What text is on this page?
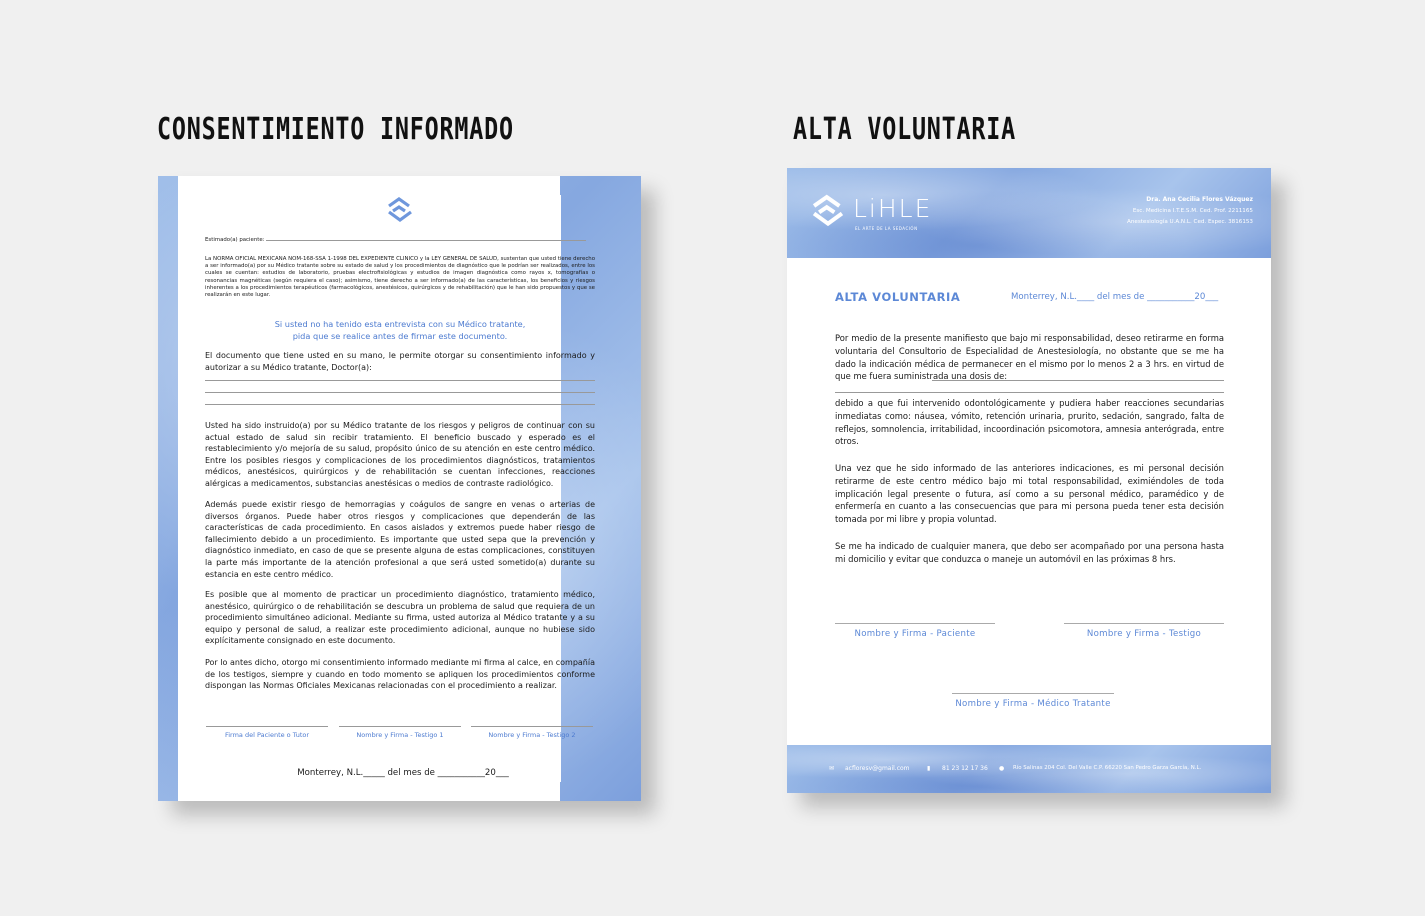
CONSENTIMIENTO INFORMADO	ALTA VOLUNTARIA
Estimado(a) paciente:
La NORMA OFICIAL MEXICANA NOM-168-SSA 1-1998 DEL EXPEDIENTE CLINICO y la LEY GENERAL DE SALUD, sustentan que usted tiene derecho a ser informado(a) por su Médico tratante sobre su estado de salud y los procedimientos de diagnóstico que le podrían ser realizados, entre los cuales se cuentan: estudios de laboratorio, pruebas electrofisiológicas y estudios de imagen diagnóstica como rayos x, tomografías o resonancias magnéticas (según requiera el caso); asimismo, tiene derecho a ser informado(a) de las características, los beneficios y riesgos inherentes a los procedimientos terapéuticos (farmacológicos, anestésicos, quirúrgicos y de rehabilitación) que le han sido propuestos y que se realizarán en este lugar.
Si usted no ha tenido esta entrevista con su Médico tratante,
pida que se realice antes de firmar este documento.
El documento que tiene usted en su mano, le permite otorgar su consentimiento informado y autorizar a su Médico tratante, Doctor(a):
Usted ha sido instruido(a) por su Médico tratante de los riesgos y peligros de continuar con su actual estado de salud sin recibir tratamiento. El beneficio buscado y esperado es el restablecimiento y/o mejoría de su salud, propósito único de su atención en este centro médico. Entre los posibles riesgos y complicaciones de los procedimientos diagnósticos, tratamientos médicos, anestésicos, quirúrgicos y de rehabilitación se cuentan infecciones, reacciones alérgicas a medicamentos, substancias anestésicas o medios de contraste radiológico.
Además puede existir riesgo de hemorragias y coágulos de sangre en venas o arterias de diversos órganos. Puede haber otros riesgos y complicaciones que dependerán de las características de cada procedimiento. En casos aislados y extremos puede haber riesgo de fallecimiento debido a un procedimiento. Es importante que usted sepa que la prevención y diagnóstico inmediato, en caso de que se presente alguna de estas complicaciones, constituyen la parte más importante de la atención profesional a que será usted sometido(a) durante su estancia en este centro médico.
Es posible que al momento de practicar un procedimiento diagnóstico, tratamiento médico, anestésico, quirúrgico o de rehabilitación se descubra un problema de salud que requiera de un procedimiento simultáneo adicional. Mediante su firma, usted autoriza al Médico tratante y a su equipo y personal de salud, a realizar este procedimiento adicional, aunque no hubiese sido explícitamente consignado en este documento.
Por lo antes dicho, otorgo mi consentimiento informado mediante mi firma al calce, en compañía de los testigos, siempre y cuando en todo momento se apliquen los procedimientos conforme dispongan las Normas Oficiales Mexicanas relacionadas con el procedimiento a realizar.
Firma del Paciente o Tutor	Nombre y Firma - Testigo 1	Nombre y Firma - Testigo 2
Monterrey, N.L._____ del mes de ___________20___
LiHLE
EL ARTE DE LA SEDACIÓN
Dra. Ana Cecilia Flores Vázquez
Esc. Medicina I.T.E.S.M. Ced. Prof. 2211165
Anestesiología U.A.N.L. Ced. Espec. 3816153
ALTA VOLUNTARIA	Monterrey, N.L.____ del mes de ___________20___
Por medio de la presente manifiesto que bajo mi responsabilidad, deseo retirarme en forma voluntaria del Consultorio de Especialidad de Anestesiología, no obstante que se me ha dado la indicación médica de permanecer en el mismo por lo menos 2 a 3 hrs. en virtud de que me fuera suministrada una dosis de:
debido a que fui intervenido odontológicamente y pudiera haber reacciones secundarias inmediatas como: náusea, vómito, retención urinaria, prurito, sedación, sangrado, falta de reflejos, somnolencia, irritabilidad, incoordinación psicomotora, amnesia anterógrada, entre otros.
Una vez que he sido informado de las anteriores indicaciones, es mi personal decisión retirarme de este centro médico bajo mi total responsabilidad, eximiéndoles de toda implicación legal presente o futura, así como a su personal médico, paramédico y de enfermería en cuanto a las consecuencias que para mi persona pueda tener esta decisión tomada por mi libre y propia voluntad.
Se me ha indicado de cualquier manera, que debo ser acompañado por una persona hasta mi domicilio y evitar que conduzca o maneje un automóvil en las próximas 8 hrs.
Nombre y Firma - Paciente	Nombre y Firma - Testigo
Nombre y Firma - Médico Tratante
✉ acfloresv@gmail.com	▮ 81 23 12 17 36 ● Río Salinas 204 Col. Del Valle C.P. 66220 San Pedro Garza García, N.L.
